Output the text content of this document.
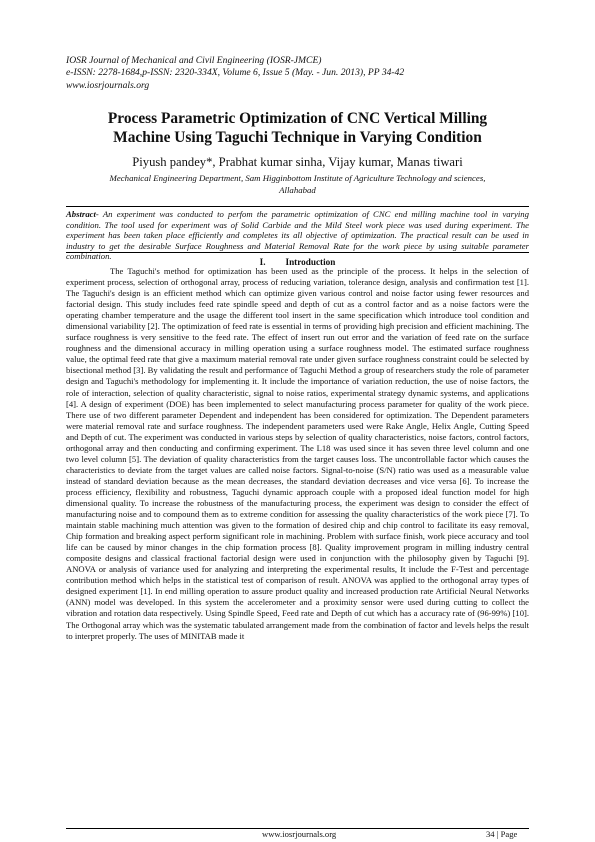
IOSR Journal of Mechanical and Civil Engineering (IOSR-JMCE)
e-ISSN: 2278-1684,p-ISSN: 2320-334X, Volume 6, Issue 5 (May. - Jun. 2013), PP 34-42
www.iosrjournals.org
Process Parametric Optimization of CNC Vertical Milling
Machine Using Taguchi Technique in Varying Condition
Piyush pandey*, Prabhat kumar sinha, Vijay kumar, Manas tiwari
Mechanical Engineering Department, Sam Higginbottom Institute of Agriculture Technology and sciences,
Allahabad
Abstract- An experiment was conducted to perfom the parametric optimization of CNC end milling machine tool in varying condition. The tool used for experiment was of Solid Carbide and the Mild Steel work piece was used during experiment. The experiment has been taken place efficiently and completes its all objective of optimization. The practical result can be used in industry to get the desirable Surface Roughness and Material Removal Rate for the work piece by using suitable parameter combination.
I. Introduction
The Taguchi's method for optimization has been used as the principle of the process. It helps in the selection of experiment process, selection of orthogonal array, process of reducing variation, tolerance design, analysis and confirmation test [1]. The Taguchi's design is an efficient method which can optimize given various control and noise factor using fewer resources and factorial design. This study includes feed rate spindle speed and depth of cut as a control factor and as a noise factors were the operating chamber temperature and the usage the different tool insert in the same specification which introduce tool condition and dimensional variability [2]. The optimization of feed rate is essential in terms of providing high precision and efficient machining. The surface roughness is very sensitive to the feed rate. The effect of insert run out error and the variation of feed rate on the surface roughness and the dimensional accuracy in milling operation using a surface roughness model. The estimated surface roughness value, the optimal feed rate that give a maximum material removal rate under given surface roughness constraint could be selected by bisectional method [3]. By validating the result and performance of Taguchi Method a group of researchers study the role of parameter design and Taguchi's methodology for implementing it. It include the importance of variation reduction, the use of noise factors, the role of interaction, selection of quality characteristic, signal to noise ratios, experimental strategy dynamic systems, and applications [4]. A design of experiment (DOE) has been implemented to select manufacturing process parameter for quality of the work piece. There use of two different parameter Dependent and independent has been considered for optimization. The Dependent parameters were material removal rate and surface roughness. The independent parameters used were Rake Angle, Helix Angle, Cutting Speed and Depth of cut. The experiment was conducted in various steps by selection of quality characteristics, noise factors, control factors, orthogonal array and then conducting and confirming experiment. The L18 was used since it has seven three level column and one two level column [5]. The deviation of quality characteristics from the target causes loss. The uncontrollable factor which causes the characteristics to deviate from the target values are called noise factors. Signal-to-noise (S/N) ratio was used as a measurable value instead of standard deviation because as the mean decreases, the standard deviation decreases and vice versa [6]. To increase the process efficiency, flexibility and robustness, Taguchi dynamic approach couple with a proposed ideal function model for high dimensional quality. To increase the robustness of the manufacturing process, the experiment was design to consider the effect of manufacturing noise and to compound them as to extreme condition for assessing the quality characteristics of the work piece [7]. To maintain stable machining much attention was given to the formation of desired chip and chip control to facilitate its easy removal, Chip formation and breaking aspect perform significant role in machining. Problem with surface finish, work piece accuracy and tool life can be caused by minor changes in the chip formation process [8]. Quality improvement program in milling industry central composite designs and classical fractional factorial design were used in conjunction with the philosophy given by Taguchi [9]. ANOVA or analysis of variance used for analyzing and interpreting the experimental results, It include the F-Test and percentage contribution method which helps in the statistical test of comparison of result. ANOVA was applied to the orthogonal array types of designed experiment [1]. In end milling operation to assure product quality and increased production rate Artificial Neural Networks (ANN) model was developed. In this system the accelerometer and a proximity sensor were used during cutting to collect the vibration and rotation data respectively. Using Spindle Speed, Feed rate and Depth of cut which has a accuracy rate of (96-99%) [10]. The Orthogonal array which was the systematic tabulated arrangement made from the combination of factor and levels helps the result to interpret properly. The uses of MINITAB made it
www.iosrjournals.org	34 | Page
